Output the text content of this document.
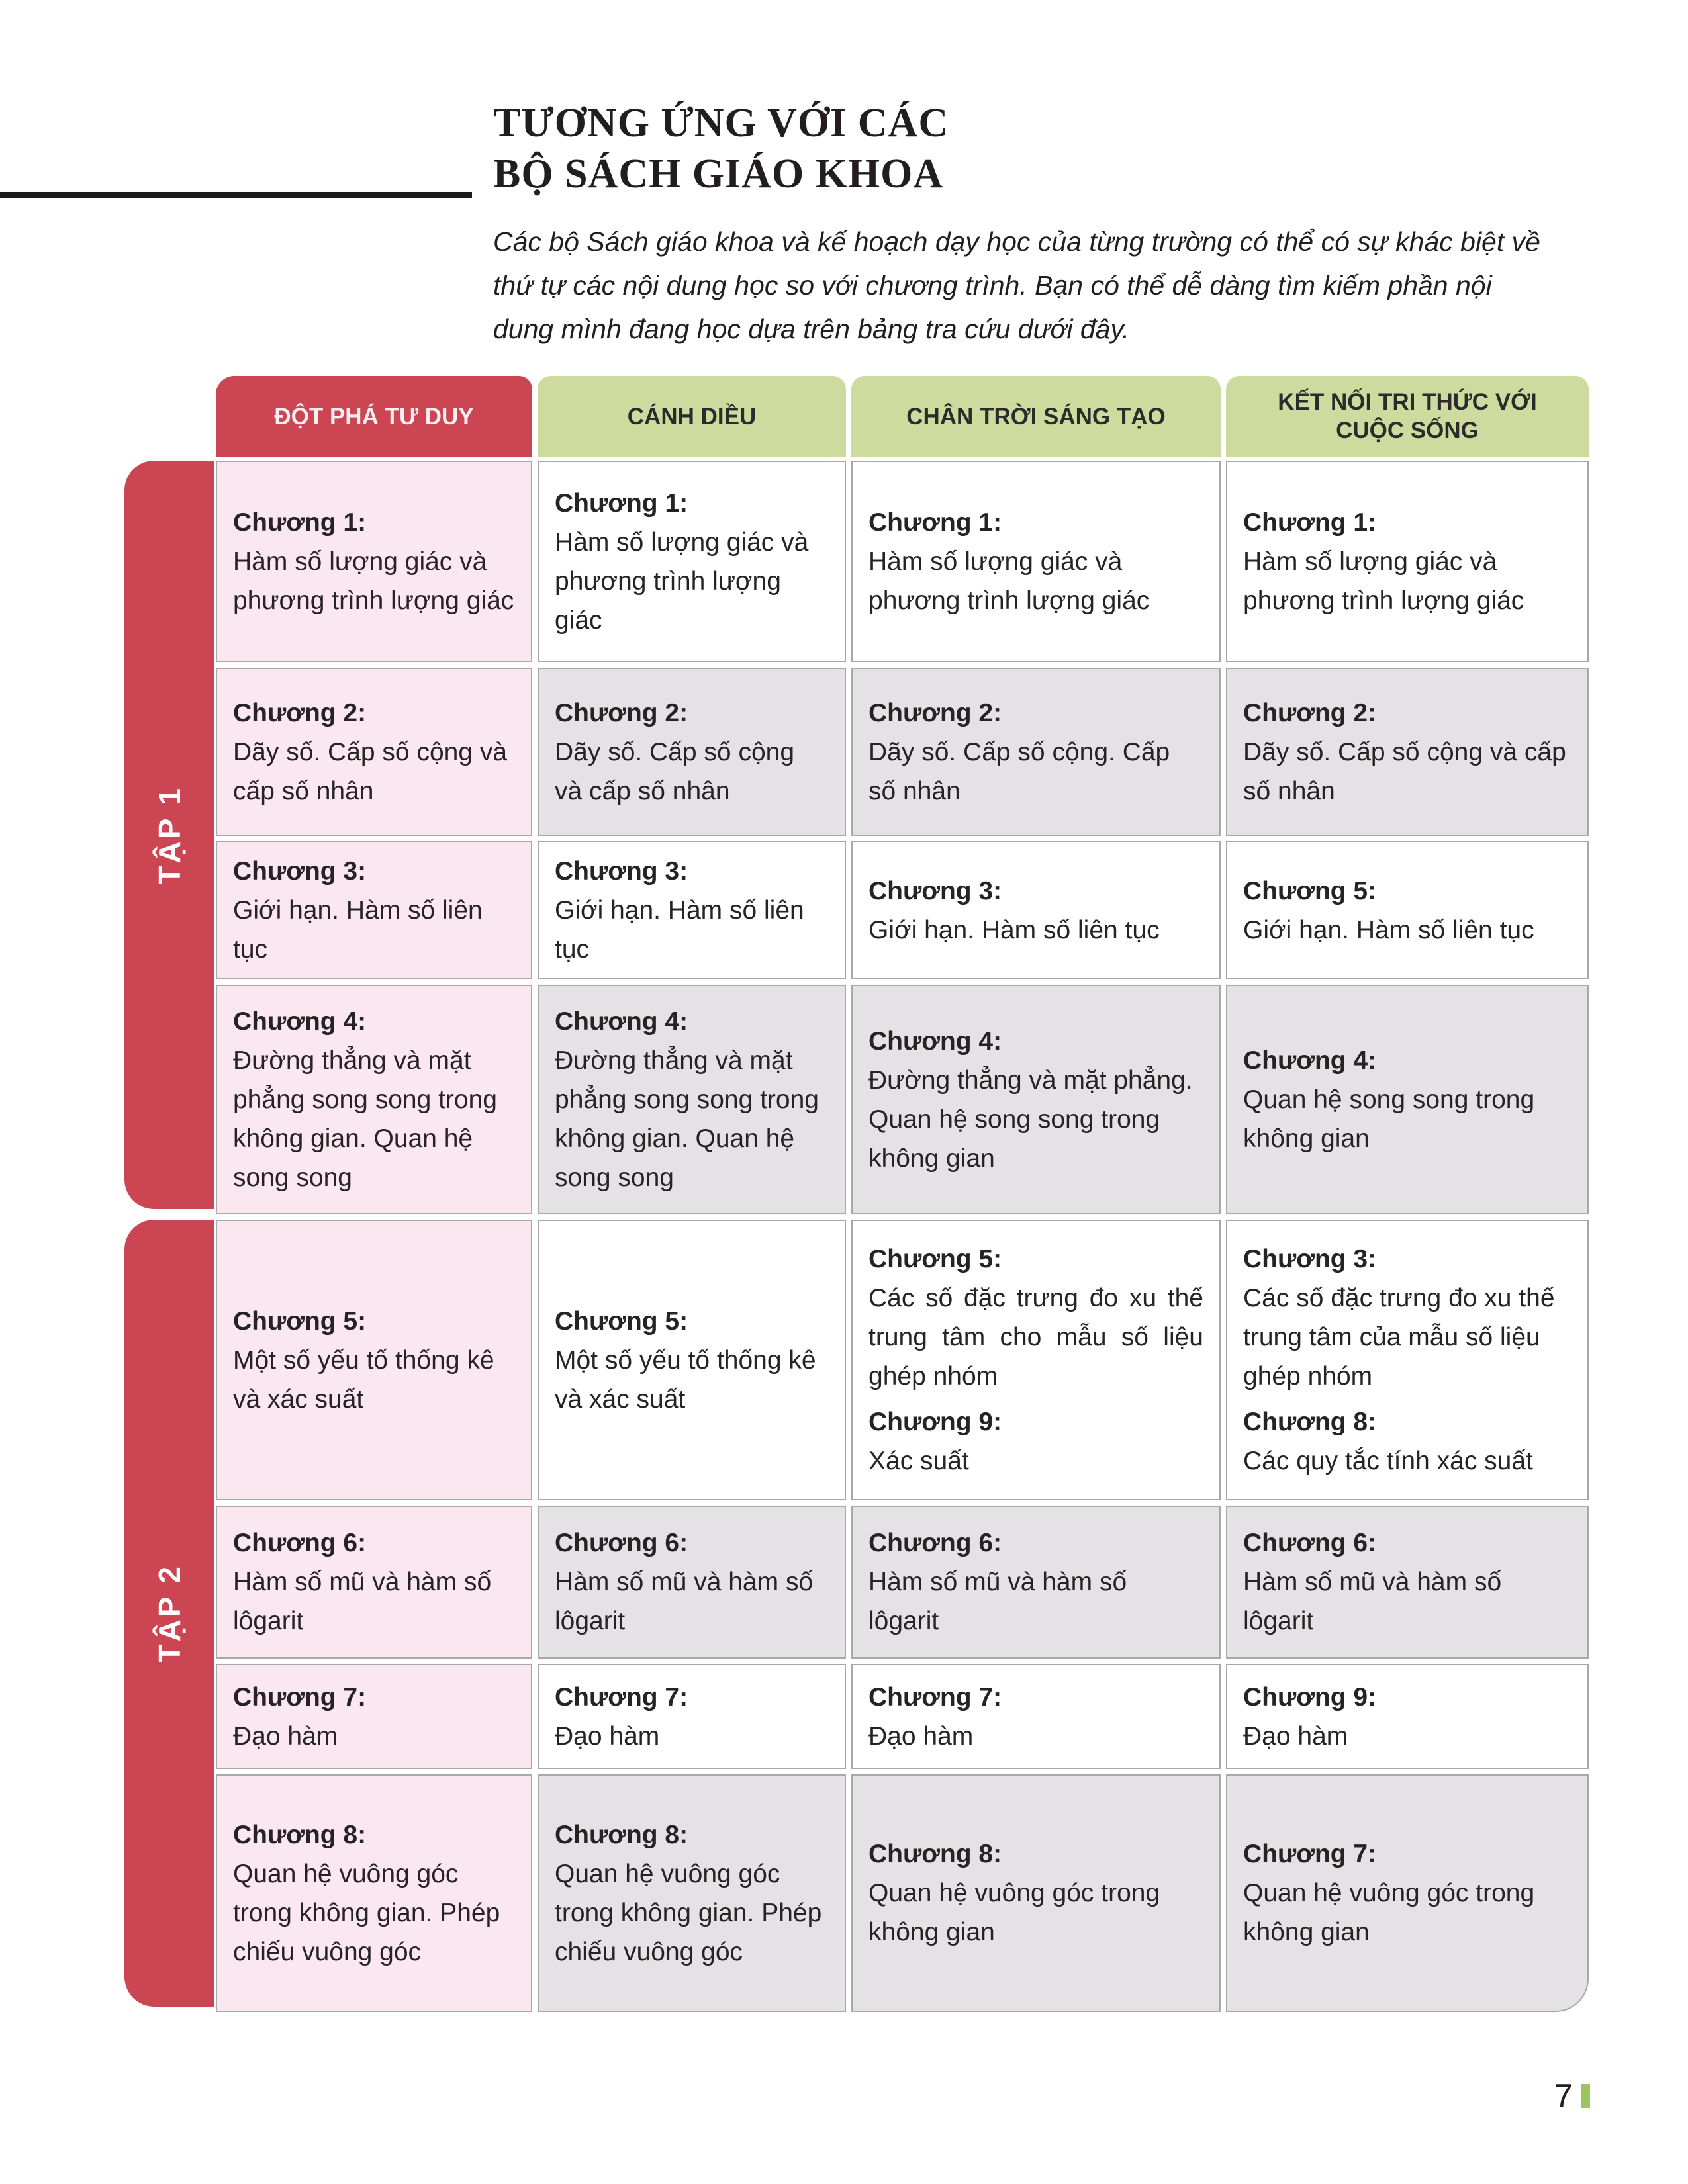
TƯƠNG ỨNG VỚI CÁC
BỘ SÁCH GIÁO KHOA

Các bộ Sách giáo khoa và kế hoạch dạy học của từng trường có thể có sự khác biệt về thứ tự các nội dung học so với chương trình. Bạn có thể dễ dàng tìm kiếm phần nội dung mình đang học dựa trên bảng tra cứu dưới đây.

ĐỘT PHÁ TƯ DUY	CÁNH DIỀU	CHÂN TRỜI SÁNG TẠO
KẾT NỐI TRI THỨC VỚI CUỘC SỐNG
TẬP 1
Chương 1:
Hàm số lượng giác và phương trình lượng giác
Chương 1:
Hàm số lượng giác và phương trình lượng giác
Chương 1:
Hàm số lượng giác và phương trình lượng giác
Chương 1:
Hàm số lượng giác và phương trình lượng giác
Chương 2:
Dãy số. Cấp số cộng và cấp số nhân
Chương 2:
Dãy số. Cấp số cộng và cấp số nhân
Chương 2:
Dãy số. Cấp số cộng. Cấp số nhân
Chương 2:
Dãy số. Cấp số cộng và cấp số nhân
Chương 3:
Giới hạn. Hàm số liên tục
Chương 3:
Giới hạn. Hàm số liên tục
Chương 3:
Giới hạn. Hàm số liên tục
Chương 5:
Giới hạn. Hàm số liên tục
Chương 4:
Đường thẳng và mặt phẳng song song trong không gian. Quan hệ song song
Chương 4:
Đường thẳng và mặt phẳng song song trong không gian. Quan hệ song song
Chương 4:
Đường thẳng và mặt phẳng. Quan hệ song song trong không gian
Chương 4:
Quan hệ song song trong không gian
TẬP 2
Chương 5:
Một số yếu tố thống kê và xác suất
Chương 5:
Một số yếu tố thống kê và xác suất
Chương 5:
Các số đặc trưng đo xu thế trung tâm cho mẫu số liệu ghép nhóm
Chương 9:
Xác suất
Chương 3:
Các số đặc trưng đo xu thế trung tâm của mẫu số liệu ghép nhóm
Chương 8:
Các quy tắc tính xác suất
Chương 6:
Hàm số mũ và hàm số lôgarit
Chương 6:
Hàm số mũ và hàm số lôgarit
Chương 6:
Hàm số mũ và hàm số lôgarit
Chương 6:
Hàm số mũ và hàm số lôgarit
Chương 7:
Đạo hàm
Chương 7:
Đạo hàm
Chương 7:
Đạo hàm
Chương 9:
Đạo hàm
Chương 8:
Quan hệ vuông góc trong không gian. Phép chiếu vuông góc
Chương 8:
Quan hệ vuông góc trong không gian. Phép chiếu vuông góc
Chương 8:
Quan hệ vuông góc trong không gian
Chương 7:
Quan hệ vuông góc trong không gian
7
